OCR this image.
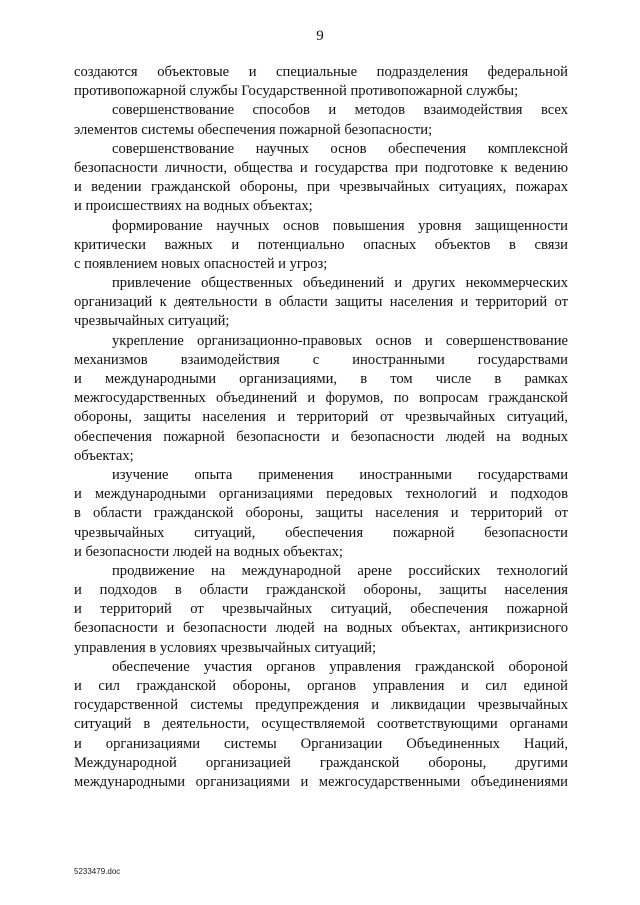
9
создаются объектовые и специальные подразделения федеральной
противопожарной службы Государственной противопожарной службы;
совершенствование способов и методов взаимодействия всех
элементов системы обеспечения пожарной безопасности;
совершенствование научных основ обеспечения комплексной
безопасности личности, общества и государства при подготовке к ведению
и ведении гражданской обороны, при чрезвычайных ситуациях, пожарах
и происшествиях на водных объектах;
формирование научных основ повышения уровня защищенности
критически важных и потенциально опасных объектов в связи
с появлением новых опасностей и угроз;
привлечение общественных объединений и других некоммерческих
организаций к деятельности в области защиты населения и территорий от
чрезвычайных ситуаций;
укрепление организационно-правовых основ и совершенствование
механизмов взаимодействия с иностранными государствами
и международными организациями, в том числе в рамках
межгосударственных объединений и форумов, по вопросам гражданской
обороны, защиты населения и территорий от чрезвычайных ситуаций,
обеспечения пожарной безопасности и безопасности людей на водных
объектах;
изучение опыта применения иностранными государствами
и международными организациями передовых технологий и подходов
в области гражданской обороны, защиты населения и территорий от
чрезвычайных ситуаций, обеспечения пожарной безопасности
и безопасности людей на водных объектах;
продвижение на международной арене российских технологий
и подходов в области гражданской обороны, защиты населения
и территорий от чрезвычайных ситуаций, обеспечения пожарной
безопасности и безопасности людей на водных объектах, антикризисного
управления в условиях чрезвычайных ситуаций;
обеспечение участия органов управления гражданской обороной
и сил гражданской обороны, органов управления и сил единой
государственной системы предупреждения и ликвидации чрезвычайных
ситуаций в деятельности, осуществляемой соответствующими органами
и организациями системы Организации Объединенных Наций,
Международной организацией гражданской обороны, другими
международными организациями и межгосударственными объединениями
5233479.doc
